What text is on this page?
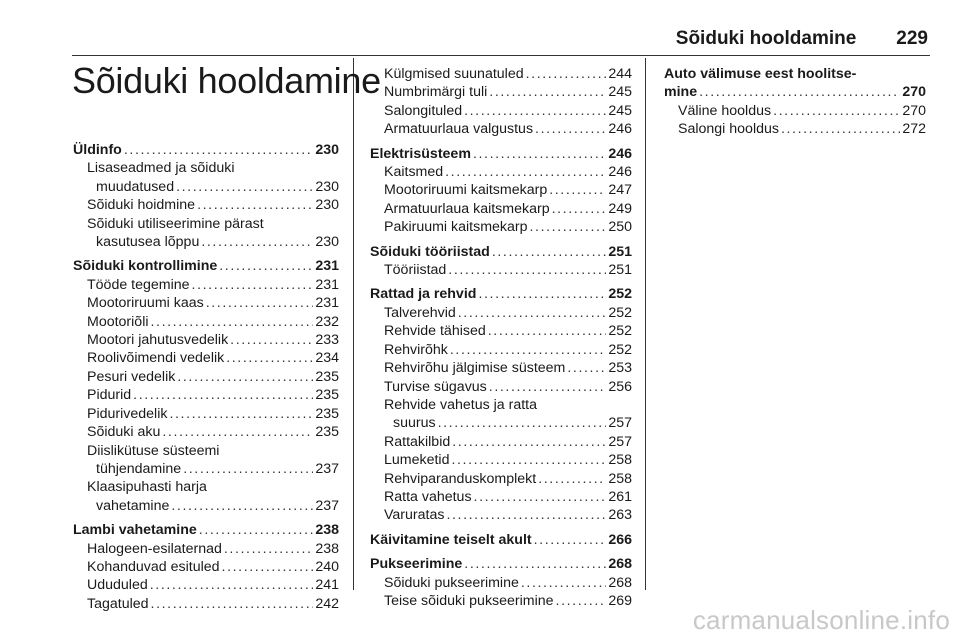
Sõiduki hooldamine 229
Sõiduki hooldamine
Üldinfo .....	230
Lisaseadmed ja sõiduki
muudatused .....	230
Sõiduki hoidmine .....	230
Sõiduki utiliseerimine pärast
kasutusea lõppu .....	230
Sõiduki kontrollimine .....	231
Tööde tegemine .....	231
Mootoriruumi kaas .....	231
Mootoriõli .....	232
Mootori jahutusvedelik .....	233
Roolivõimendi vedelik .....	234
Pesuri vedelik .....	235
Pidurid .....	235
Pidurivedelik .....	235
Sõiduki aku .....	235
Diislikütuse süsteemi
tühjendamine .....	237
Klaasipuhasti harja
vahetamine .....	237
Lambi vahetamine .....	238
Halogeen-esilaternad .....	238
Kohanduvad esituled .....	240
Ududuled .....	241
Tagatuled .....	242
Külgmised suunatuled .....	244
Numbrimärgi tuli .....	245
Salongituled .....	245
Armatuurlaua valgustus .....	246
Elektrisüsteem .....	246
Kaitsmed .....	246
Mootoriruumi kaitsmekarp .....	247
Armatuurlaua kaitsmekarp .....	249
Pakiruumi kaitsmekarp .....	250
Sõiduki tööriistad .....	251
Tööriistad .....	251
Rattad ja rehvid .....	252
Talverehvid .....	252
Rehvide tähised .....	252
Rehvirõhk .....	252
Rehvirõhu jälgimise süsteem .....	253
Turvise sügavus .....	256
Rehvide vahetus ja ratta
suurus .....	257
Rattakilbid .....	257
Lumeketid .....	258
Rehviparanduskomplekt .....	258
Ratta vahetus .....	261
Varuratas .....	263
Käivitamine teiselt akult .....	266
Pukseerimine .....	268
Sõiduki pukseerimine .....	268
Teise sõiduki pukseerimine .....	269
Auto välimuse eest hoolitse-
mine .....	270
Väline hooldus .....	270
Salongi hooldus .....	272
carmanualsonline.info
